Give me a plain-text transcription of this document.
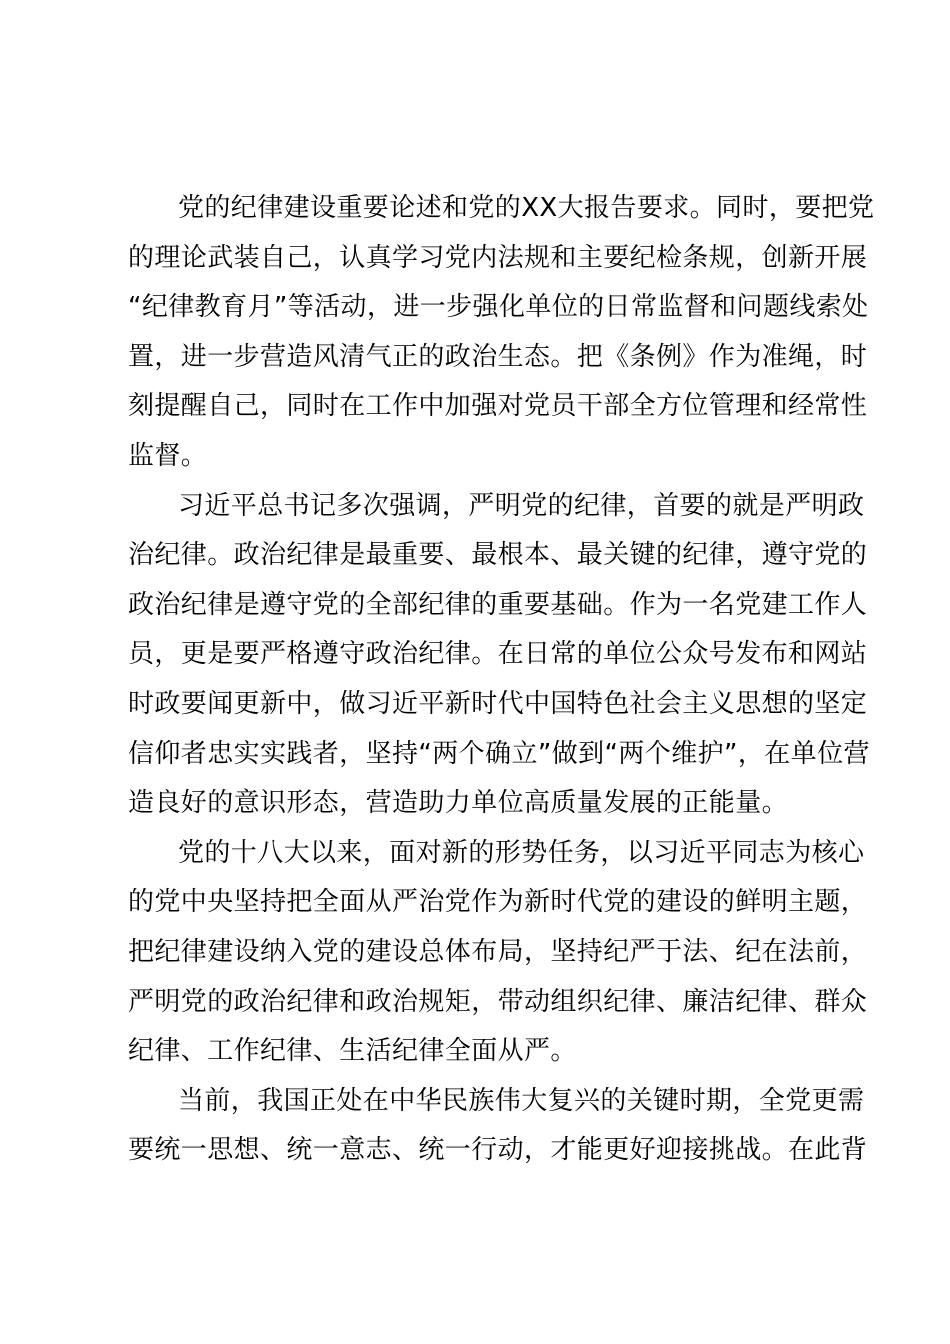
党的纪律建设重要论述和党的XX大报告要求。同时，要把党
的理论武装自己，认真学习党内法规和主要纪检条规，创新开展
“纪律教育月”等活动，进一步强化单位的日常监督和问题线索处
置，进一步营造风清气正的政治生态。把《条例》作为准绳，时
刻提醒自己，同时在工作中加强对党员干部全方位管理和经常性
监督。
习近平总书记多次强调，严明党的纪律，首要的就是严明政
治纪律。政治纪律是最重要、最根本、最关键的纪律，遵守党的
政治纪律是遵守党的全部纪律的重要基础。作为一名党建工作人
员，更是要严格遵守政治纪律。在日常的单位公众号发布和网站
时政要闻更新中，做习近平新时代中国特色社会主义思想的坚定
信仰者忠实实践者，坚持“两个确立”做到“两个维护”，在单位营
造良好的意识形态，营造助力单位高质量发展的正能量。
党的十八大以来，面对新的形势任务，以习近平同志为核心
的党中央坚持把全面从严治党作为新时代党的建设的鲜明主题，
把纪律建设纳入党的建设总体布局，坚持纪严于法、纪在法前，
严明党的政治纪律和政治规矩，带动组织纪律、廉洁纪律、群众
纪律、工作纪律、生活纪律全面从严。
当前，我国正处在中华民族伟大复兴的关键时期，全党更需
要统一思想、统一意志、统一行动，才能更好迎接挑战。在此背
